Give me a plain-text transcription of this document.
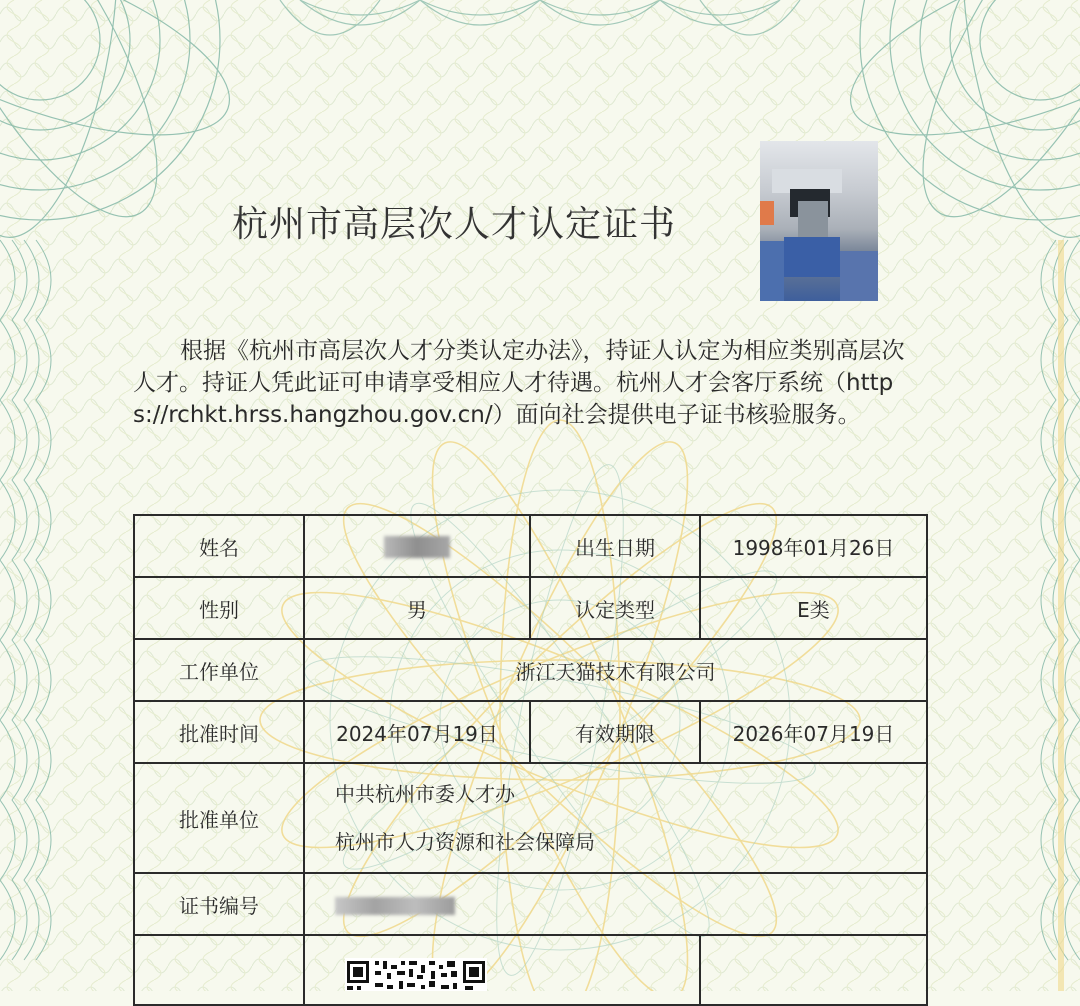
杭州市高层次人才认定证书

根据《杭州市高层次人才分类认定办法》，持证人认定为相应类别高层次人才。持证人凭此证可申请享受相应人才待遇。杭州人才会客厅系统（https://rchkt.hrss.hangzhou.gov.cn/）面向社会提供电子证书核验服务。

姓名		出生日期	1998年01月26日
性别	男	认定类型	E类
工作单位	浙江天猫技术有限公司		
批准时间	2024年07月19日	有效期限	2026年07月19日
批准单位	中共杭州市委人才办
杭州市人力资源和社会保障局		

证书编号			
